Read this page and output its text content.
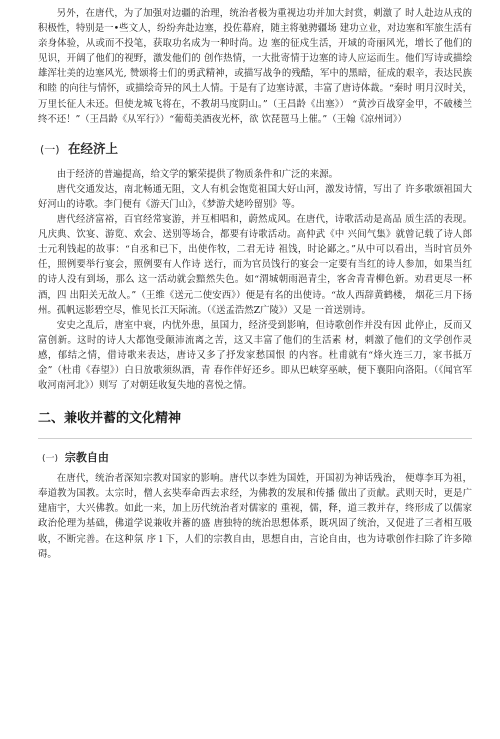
另外，在唐代，为了加强对边疆的治理，统治者极为重视边功并加大封赏，刺激了 时人赴边从戎的积极性，特别是一•些文人，纷纷奔赴边塞，投佐幕府，随主将驰骋疆场 建功立业，对边塞和军旅生活有亲身体验，从或而不投笔，获取功名成为一种时尚。边 塞的征戍生活，开域的奇丽风光，增长了他们的见识，开阔了他们的视野，激发他们的 创作热情，一大批寄情于边塞的诗人应运而生。他们写诗或描绘雄浑壮美的边塞风光, 赞颂将士们的勇武精神，或描写战争的残酷，军中的黑暗，征成的艰辛，表达民族和睦 的向往与情怀，或描绘奇异的风土人情。于是有了边塞诗派，丰富了唐诗体裁。“秦时 明月汉时关，万里长征人未还。但使龙城飞将在，不教胡马度阴山。”（王昌龄《出塞》） “黄沙百战穿金甲，不破楼兰终不还！”（王昌龄《从军行》）“葡萄美酒夜光杯，欲 饮琵琶马上催。”（王翰《凉州词》）

(一) 在经济上

由于经济的普遍提高，给文学的繁荣提供了物质条件和广泛的来源。

唐代交通发达，南北畅通无阻，文人有机会饱览祖国大好山河，激发诗情，写出了 许多歌颂祖国大好河山的诗歌。李门便有《游天门山》，《梦游犬姥吟留别》等。

唐代经济富裕，百官经常宴游，并互相唱和，蔚然成风。在唐代，诗歌活动是高品 质生活的表现。凡庆典、饮宴、游览、欢会、送别等场合，都要有诗歌活动。高仲武《中 兴间气集》就曾记载了诗人郎士元利钱起的故事：“自丞和已下，出使作牧，二君无诗 祖饯，时论鄙之。”从中可以看出，当时官员外任，照例要举行宴会，照例要有人作诗 送行，而为官员饯行的宴会一定要有当红的诗人参加，如果当红的诗人没有到场，那么 这一活动就会黯然失色。如“渭城朝雨浥青尘，客舍青青柳色新。劝君更尽一杯酒，四 出阳关无故人。”（王维《送元二使安西》）便是有名的出使诗。“故人西辞黄鹤楼， 烟花三月下扬州。孤帆远影碧空尽，惟见长江天际流。（《送孟浩然Z广陵》）又是 一首送别诗。

安史之乱后，唐室中衰，内忧外患，虽国力，经济受到影响，但诗歌创作并没有因 此停止，反而又富创新。这时的诗人大都饱受颠沛流离之苦，这又丰富了他们的生活素 材，刺激了他们的文学创作灵感，郁结之情，借诗歌来表达，唐诗又多了抒发家愁国恨 的内容。杜甫就有“烽火连三刀，家书抵万金”（杜甫《春望》）白日放歌须纵酒，青 春作伴好还乡。即从巴峡穿巫峡，便下襄阳向洛阳。（《闻官军收河南河北》）则写 了对朝廷收复失地的喜悦之情。

二、兼收并蓄的文化精神
(一) 宗教自由

在唐代，统治者深知宗教对国家的影响。唐代以李姓为国姓，开国初为神话残治， 便尊李耳为祖，奉道教为国教。太宗时，僧人玄奘奉命西去求经，为佛教的发展和传播 做出了贡献。武则天时，更是广建庙宇，大兴佛教。如此一来，加上历代统治者对儒家的 重视，儒，释，道三教并存，终形成了以儒家政治伦理为基础，佛道学说兼收并蓄的盛 唐独特的统治思想体系，既巩固了统治，又促进了三者相互吸收，不断完善。在这种氛 序 l 下，人们的宗教自由，思想自由，言论自由，也为诗歌创作扫除了许多障碍。
